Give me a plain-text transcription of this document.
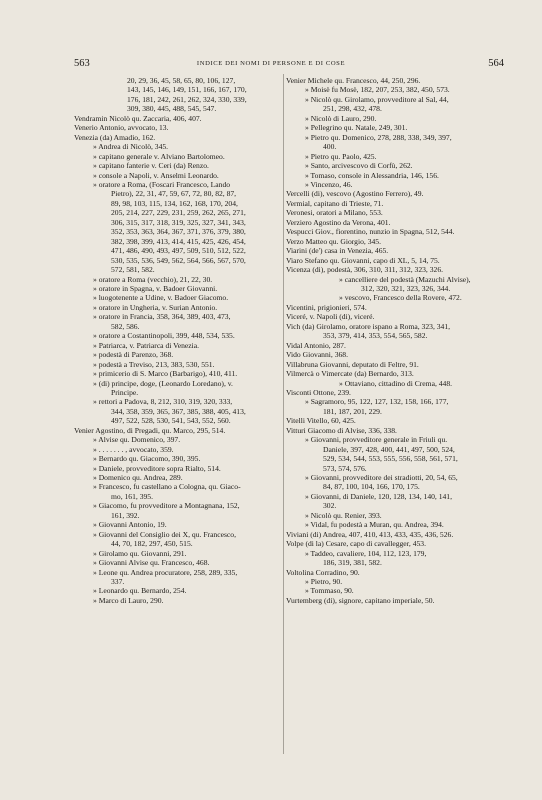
563	INDICE DEI NOMI DI PERSONE E DI COSE	564
20, 29, 36, 45, 58, 65, 80, 106, 127,
143, 145, 146, 149, 151, 166, 167, 170,
176, 181, 242, 261, 262, 324, 330, 339,
309, 380, 445, 488, 545, 547.
Vendramin Nicolò qu. Zaccaria, 406, 407.
Venerio Antonio, avvocato, 13.
Venezia (da) Amadio, 162.
» Andrea di Nicolò, 345.
» capitano generale v. Alviano Bartolomeo.
» capitano fanterie v. Ceri (da) Renzo.
» console a Napoli, v. Anselmi Leonardo.
» oratore a Roma, (Foscari Francesco, Lando
Pietro), 22, 31, 47, 59, 67, 72, 80, 82, 87,
89, 98, 103, 115, 134, 162, 168, 170, 204,
205, 214, 227, 229, 231, 259, 262, 265, 271,
306, 315, 317, 318, 319, 325, 327, 341, 343,
352, 353, 363, 364, 367, 371, 376, 379, 380,
382, 398, 399, 413, 414, 415, 425, 426, 454,
471, 486, 490, 493, 497, 509, 510, 512, 522,
530, 535, 536, 549, 562, 564, 566, 567, 570,
572, 581, 582.
» oratore a Roma (vecchio), 21, 22, 30.
» oratore in Spagna, v. Badoer Giovanni.
» luogotenente a Udine, v. Badoer Giacomo.
» oratore in Ungheria, v. Surian Antonio.
» oratore in Francia, 358, 364, 389, 403, 473,
582, 586.
» oratore a Costantinopoli, 399, 448, 534, 535.
» Patriarca, v. Patriarca di Venezia.
» podestà di Parenzo, 368.
» podestà a Treviso, 213, 383, 530, 551.
» primicerio di S. Marco (Barbarigo), 410, 411.
» (di) principe, doge, (Leonardo Loredano), v.
Principe.
» rettori a Padova, 8, 212, 310, 319, 320, 333,
344, 358, 359, 365, 367, 385, 388, 405, 413,
497, 522, 528, 530, 541, 543, 552, 560.
Venier Agostino, di Pregadi, qu. Marco, 295, 514.
» Alvise qu. Domenico, 397.
» . . . . . . . , avvocato, 359.
» Bernardo qu. Giacomo, 390, 395.
» Daniele, provveditore sopra Rialto, 514.
» Domenico qu. Andrea, 289.
» Francesco, fu castellano a Cologna, qu. Giaco-
mo, 161, 395.
» Giacomo, fu provveditore a Montagnana, 152,
161, 392.
» Giovanni Antonio, 19.
» Giovanni del Consiglio dei X, qu. Francesco,
44, 70, 182, 297, 450, 515.
» Girolamo qu. Giovanni, 291.
» Giovanni Alvise qu. Francesco, 468.
» Leone qu. Andrea procuratore, 258, 289, 335,
337.
» Leonardo qu. Bernardo, 254.
» Marco di Lauro, 290.
Venier Michele qu. Francesco, 44, 250, 296.
» Moisè fu Mosè, 182, 207, 253, 382, 450, 573.
» Nicolò qu. Girolamo, provveditore al Sal, 44,
251, 298, 432, 478.
» Nicolò di Lauro, 290.
» Pellegrino qu. Natale, 249, 301.
» Pietro qu. Domenico, 278, 288, 338, 349, 397,
400.
» Pietro qu. Paolo, 425.
» Santo, arcivescovo di Corfù, 262.
» Tomaso, console in Alessandria, 146, 156.
» Vincenzo, 46.
Vercelli (di), vescovo (Agostino Ferrero), 49.
Vermial, capitano di Trieste, 71.
Veronesi, oratori a Milano, 553.
Verziero Agostino da Verona, 401.
Vespucci Giov., fiorentino, nunzio in Spagna, 512, 544.
Verzo Matteo qu. Giorgio, 345.
Viarini (de') casa in Venezia, 465.
Viaro Stefano qu. Giovanni, capo di XL, 5, 14, 75.
Vicenza (di), podestà, 306, 310, 311, 312, 323, 326.
» cancelliere del podestà (Mazuchi Alvise),
312, 320, 321, 323, 326, 344.
» vescovo, Francesco della Rovere, 472.
Vicentini, prigionieri, 574.
Viceré, v. Napoli (di), viceré.
Vich (da) Girolamo, oratore ispano a Roma, 323, 341,
353, 379, 414, 353, 554, 565, 582.
Vidal Antonio, 287.
Vido Giovanni, 368.
Villabruna Giovanni, deputato di Feltre, 91.
Vilmercà o Vimercate (da) Bernardo, 313.
» Ottaviano, cittadino di Crema, 448.
Visconti Ottone, 239.
» Sagramoro, 95, 122, 127, 132, 158, 166, 177,
181, 187, 201, 229.
Vitelli Vitello, 60, 425.
Vitturi Giacomo di Alvise, 336, 338.
» Giovanni, provveditore generale in Friuli qu.
Daniele, 397, 428, 400, 441, 497, 500, 524,
529, 534, 544, 553, 555, 556, 558, 561, 571,
573, 574, 576.
» Giovanni, provveditore dei stradiotti, 20, 54, 65,
84, 87, 100, 104, 166, 170, 175.
» Giovanni, di Daniele, 120, 128, 134, 140, 141,
302.
» Nicolò qu. Renier, 393.
» Vidal, fu podestà a Muran, qu. Andrea, 394.
Viviani (di) Andrea, 407, 410, 413, 433, 435, 436, 526.
Volpe (di la) Cesare, capo di cavallegger, 453.
» Taddeo, cavaliere, 104, 112, 123, 179,
186, 319, 381, 582.
Voltolina Corradino, 90.
» Pietro, 90.
» Tommaso, 90.
Vurtemberg (di), signore, capitano imperiale, 50.
